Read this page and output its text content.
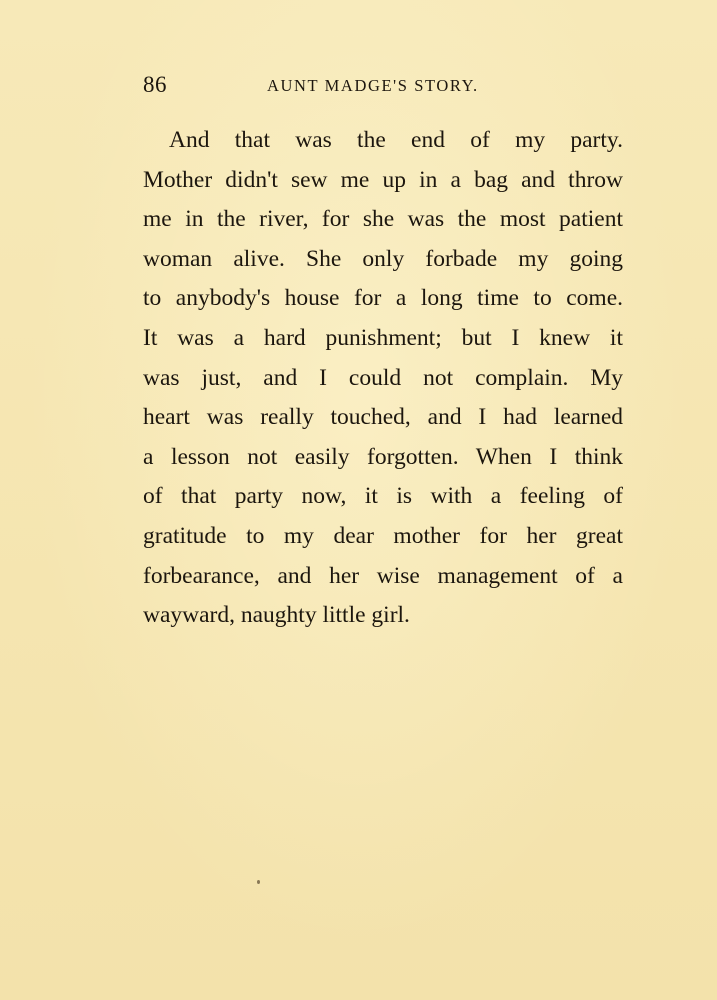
86	AUNT MADGE'S STORY.
And that was the end of my party.
Mother didn't sew me up in a bag and throw
me in the river, for she was the most patient
woman alive. She only forbade my going
to anybody's house for a long time to come.
It was a hard punishment; but I knew it
was just, and I could not complain. My
heart was really touched, and I had learned
a lesson not easily forgotten. When I think
of that party now, it is with a feeling of
gratitude to my dear mother for her great
forbearance, and her wise management of a
wayward, naughty little girl.
